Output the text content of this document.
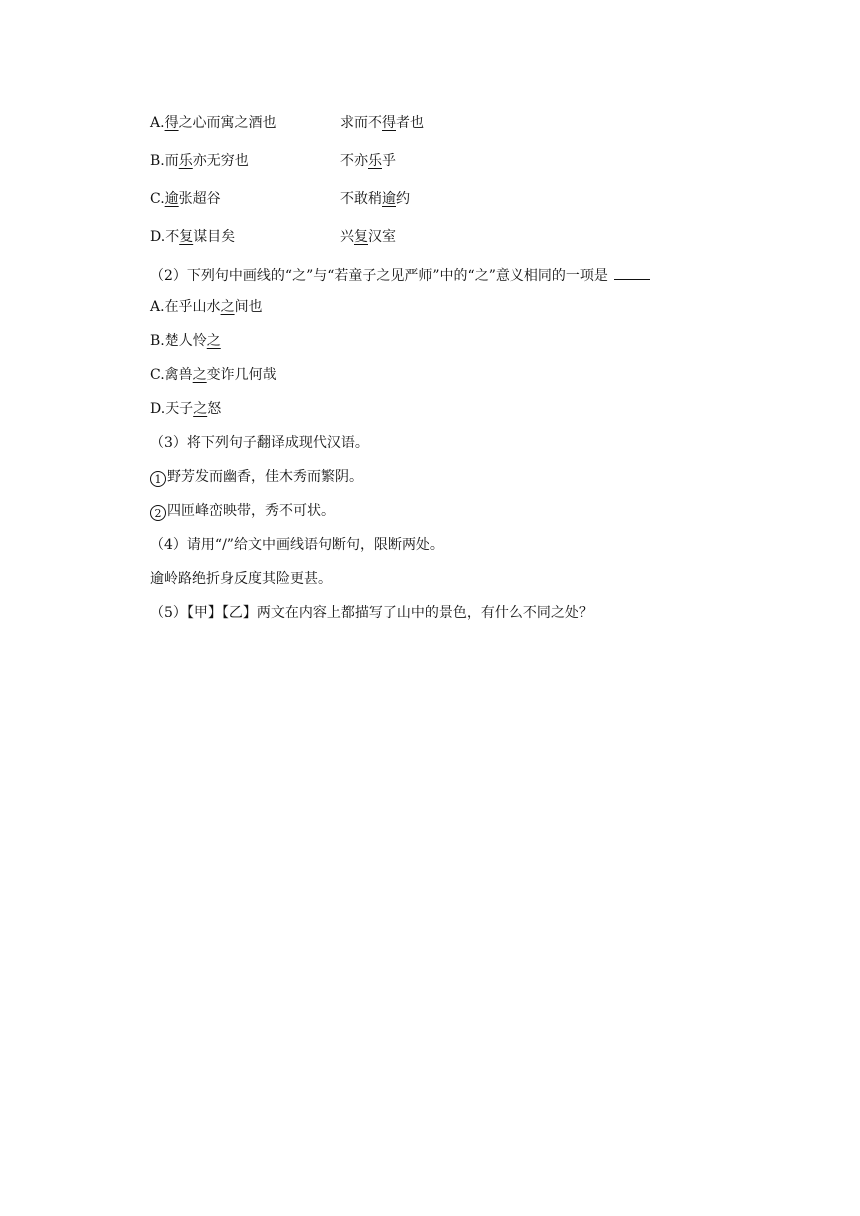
A.得之心而寓之酒也	求而不得者也
B.而乐亦无穷也	不亦乐乎
C.逾张超谷	不敢稍逾约
D.不复谋目矣	兴复汉室
（2）下列句中画线的“之”与“若童子之见严师”中的“之”意义相同的一项是
A.在乎山水之间也
B.楚人怜之
C.禽兽之变诈几何哉
D.天子之怒
（3）将下列句子翻译成现代汉语。
1 野芳发而幽香，佳木秀而繁阴。
2 四匝峰峦映带，秀不可状。
（4）请用“/”给文中画线语句断句，限断两处。
逾岭路绝折身反度其险更甚。
（5）【甲】【乙】两文在内容上都描写了山中的景色，有什么不同之处？
